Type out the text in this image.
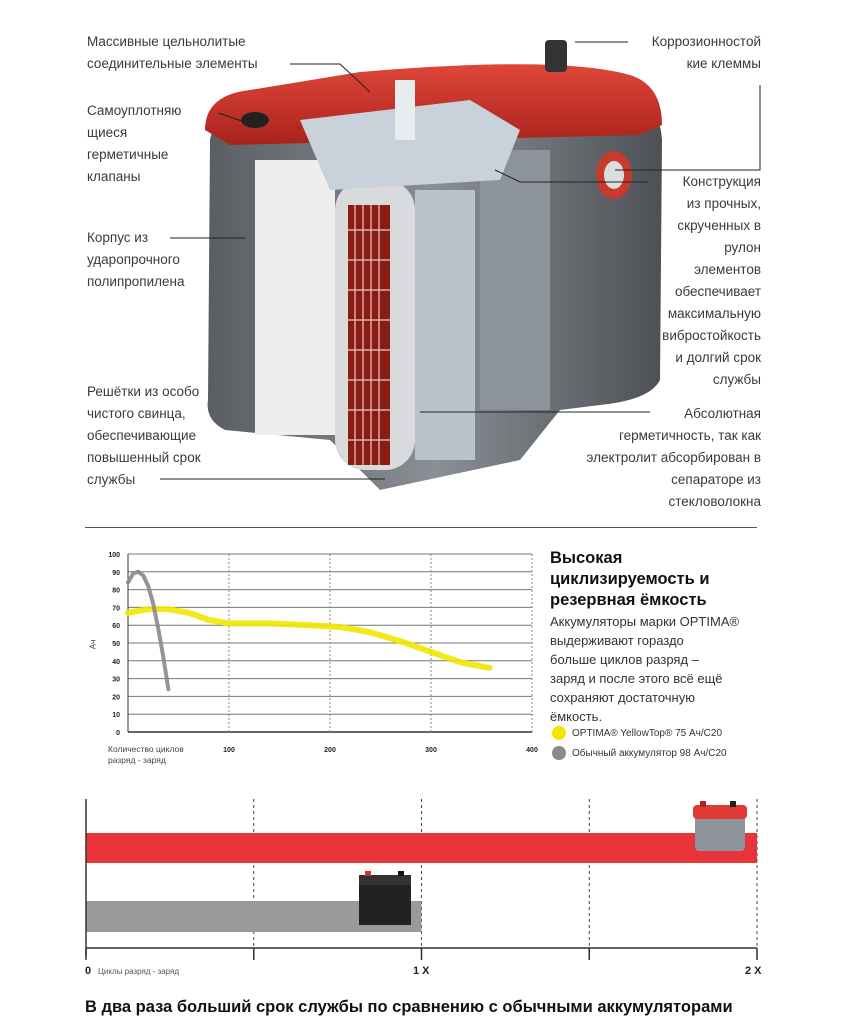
Массивные цельнолитые
соединительные элементы
Коррозионностой
кие клеммы
Самоуплотняю
щиеся
герметичные
клапаны
Корпус из
ударопрочного
полипропилена
Конструкция
из прочных,
скрученных в
рулон
элементов
обеспечивает
максимальную
вибростойкость
и долгий срок
службы
Решётки из особо
чистого свинца,
обеспечивающие
повышенный срок
службы
Абсолютная
герметичность, так как
электролит абсорбирован в
сепараторе из
стекловолокна
0
10
20
30
40
50
60
70
80
90
100
100	200	300	400
Количество циклов
разряд - заряд
Ач
Высокая
циклизируемость и
резервная ёмкость
Аккумуляторы марки OPTIMA®
выдерживают гораздо
больше циклов разряд –
заряд и после этого всё ещё
сохраняют достаточную
ёмкость.
OPTIMA® YellowTop® 75 Ач/C20
Обычный аккумулятор 98 Ач/C20
0 Циклы разряд - заряд	1 X	2 X
В два раза больший срок службы по сравнению с обычными аккумуляторами
